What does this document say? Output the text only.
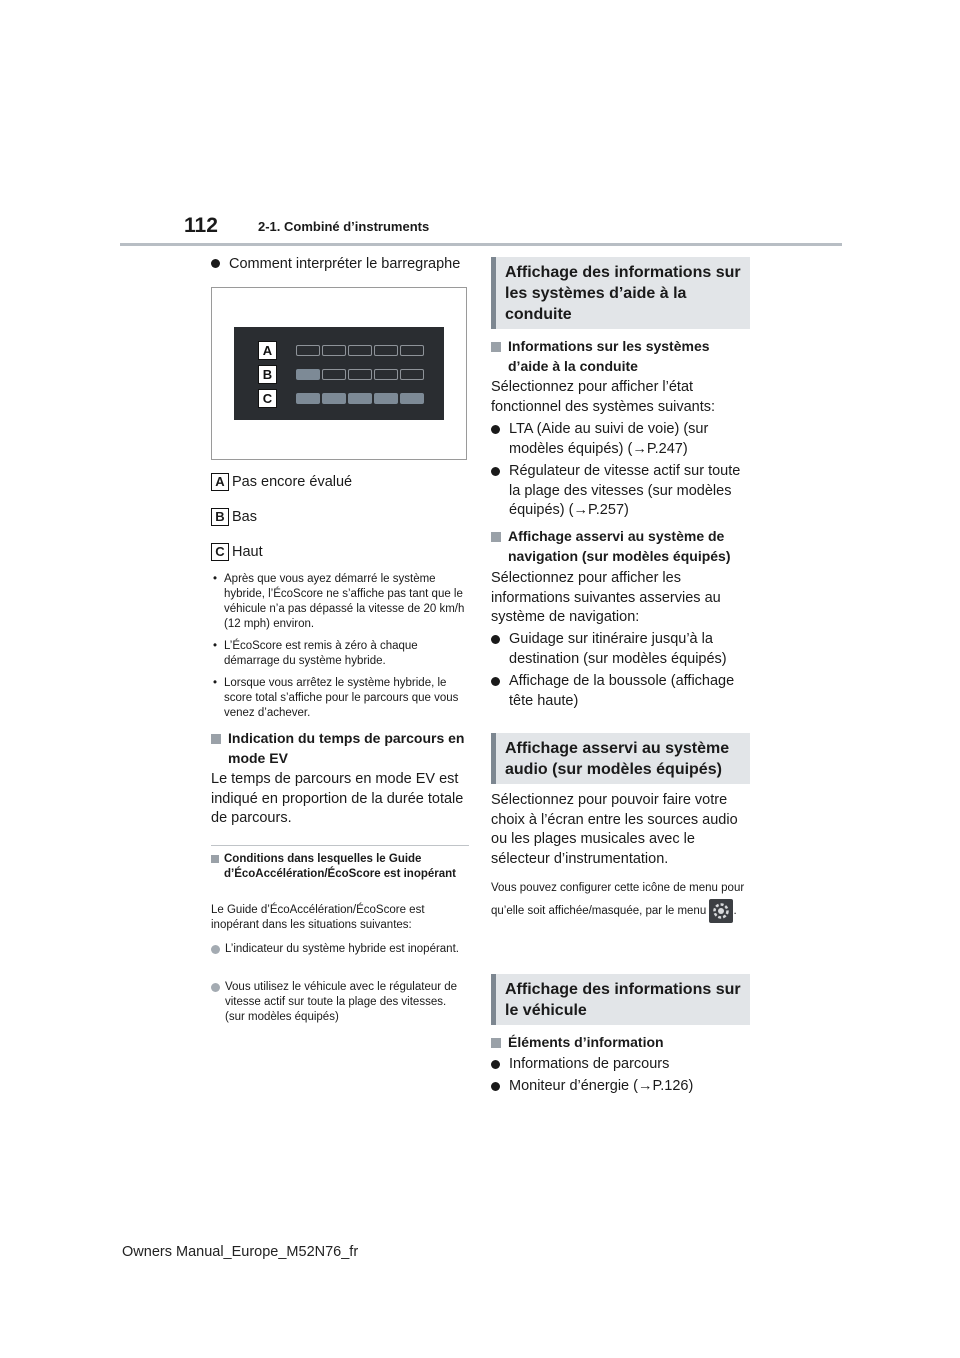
112	2-1. Combiné d’instruments
Comment interpréter le barregraphe
A
B
C
A Pas encore évalué
B Bas
C Haut
• Après que vous ayez démarré le système hybride, l’ÉcoScore ne s’affiche pas tant que le véhicule n’a pas dépassé la vitesse de 20 km/h (12 mph) environ.
• L’ÉcoScore est remis à zéro à chaque démarrage du système hybride.
• Lorsque vous arrêtez le système hybride, le score total s’affiche pour le parcours que vous venez d’achever.
Indication du temps de parcours en mode EV
Le temps de parcours en mode EV est indiqué en proportion de la durée totale de parcours.
Conditions dans lesquelles le Guide d’ÉcoAccélération/ÉcoScore est inopérant
Le Guide d’ÉcoAccélération/ÉcoScore est inopérant dans les situations suivantes:
L’indicateur du système hybride est inopérant.
Vous utilisez le véhicule avec le régulateur de vitesse actif sur toute la plage des vitesses. (sur modèles équipés)
Affichage des informations sur les systèmes d’aide à la conduite
Informations sur les systèmes d’aide à la conduite
Sélectionnez pour afficher l’état fonctionnel des systèmes suivants:
LTA (Aide au suivi de voie) (sur modèles équipés) (→P.247)
Régulateur de vitesse actif sur toute la plage des vitesses (sur modèles équipés) (→P.257)
Affichage asservi au système de navigation (sur modèles équipés)
Sélectionnez pour afficher les informations suivantes asservies au système de navigation:
Guidage sur itinéraire jusqu’à la destination (sur modèles équipés)
Affichage de la boussole (affichage tête haute)
Affichage asservi au système audio (sur modèles équipés)
Sélectionnez pour pouvoir faire votre choix à l’écran entre les sources audio ou les plages musicales avec le sélecteur d’instrumentation.
Vous pouvez configurer cette icône de menu pour qu’elle soit affichée/masquée, par le menu .
Affichage des informations sur le véhicule
Éléments d’information
Informations de parcours
Moniteur d’énergie (→P.126)
Owners Manual_Europe_M52N76_fr
